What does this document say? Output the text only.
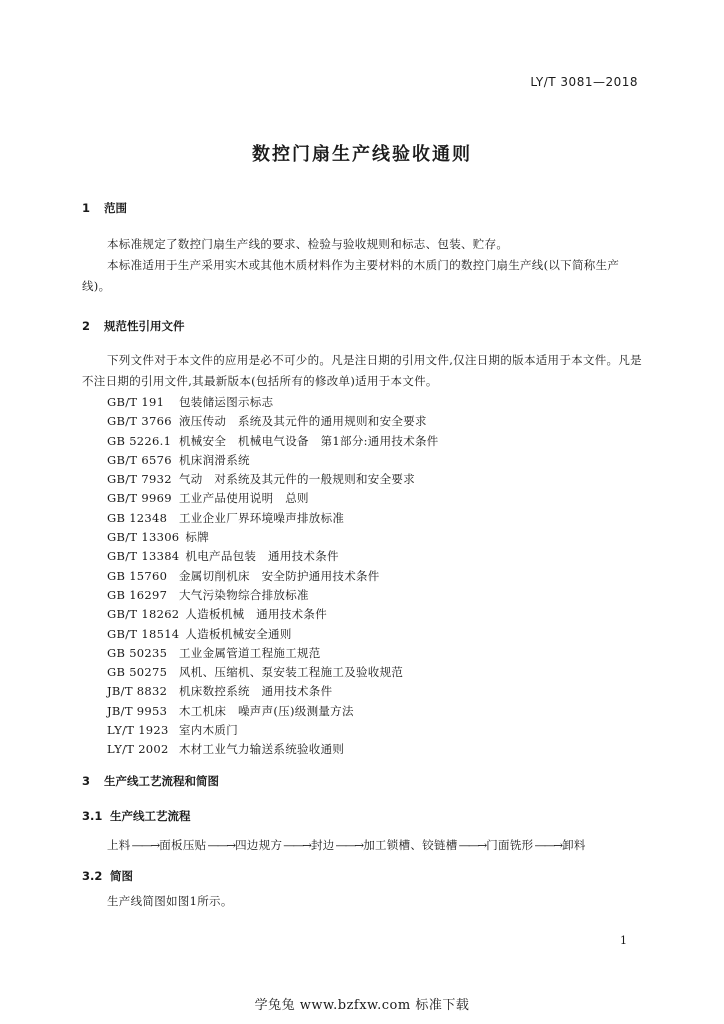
LY/T 3081—2018
数控门扇生产线验收通则
1 范围
本标准规定了数控门扇生产线的要求、检验与验收规则和标志、包装、贮存。
本标准适用于生产采用实木或其他木质材料作为主要材料的木质门的数控门扇生产线(以下简称生产线)。
2 规范性引用文件
下列文件对于本文件的应用是必不可少的。凡是注日期的引用文件,仅注日期的版本适用于本文件。凡是不注日期的引用文件,其最新版本(包括所有的修改单)适用于本文件。
GB/T 191 包装储运图示标志
GB/T 3766 液压传动　系统及其元件的通用规则和安全要求
GB 5226.1 机械安全　机械电气设备　第1部分:通用技术条件
GB/T 6576 机床润滑系统
GB/T 7932 气动　对系统及其元件的一般规则和安全要求
GB/T 9969 工业产品使用说明　总则
GB 12348 工业企业厂界环境噪声排放标准
GB/T 13306 标牌
GB/T 13384 机电产品包装　通用技术条件
GB 15760 金属切削机床　安全防护通用技术条件
GB 16297 大气污染物综合排放标准
GB/T 18262 人造板机械　通用技术条件
GB/T 18514 人造板机械安全通则
GB 50235 工业金属管道工程施工规范
GB 50275 风机、压缩机、泵安装工程施工及验收规范
JB/T 8832 机床数控系统　通用技术条件
JB/T 9953 木工机床　噪声声(压)级测量方法
LY/T 1923 室内木质门
LY/T 2002 木材工业气力输送系统验收通则
3 生产线工艺流程和简图
3.1 生产线工艺流程
上料——→面板压贴——→四边规方——→封边——→加工锁槽、铰链槽——→门面铣形——→卸料
3.2 简图
生产线简图如图1所示。
1
学兔兔 www.bzfxw.com 标准下载
